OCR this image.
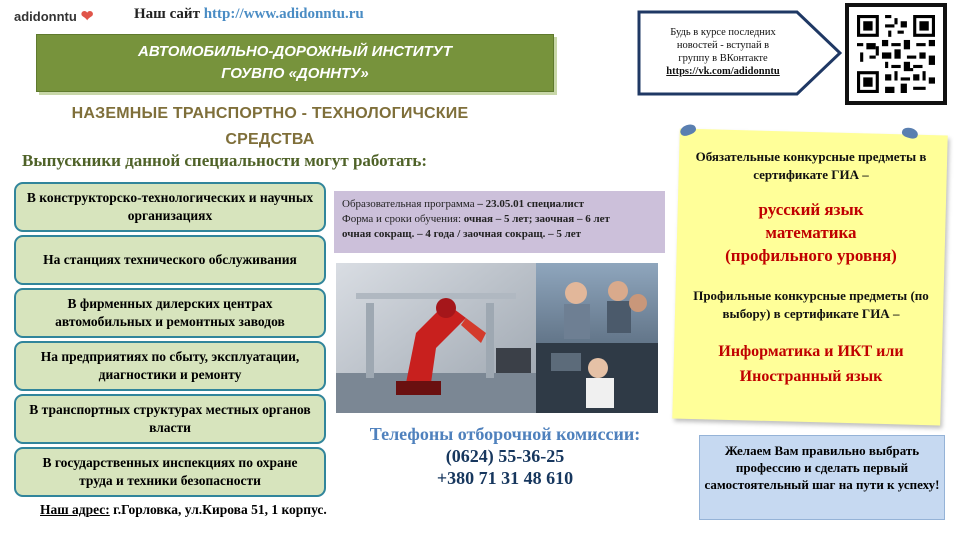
adidonntu ❤	Наш сайт http://www.adidonntu.ru
АВТОМОБИЛЬНО-ДОРОЖНЫЙ ИНСТИТУТ
ГОУВПО «ДОННТУ»
НАЗЕМНЫЕ ТРАНСПОРТНО - ТЕХНОЛОГИЧСКИЕ
СРЕДСТВА
Выпускники данной специальности могут работать:
В конструкторско-технологических и научных организациях
На станциях технического обслуживания
В фирменных дилерских центрах автомобильных и ремонтных заводов
На предприятиях по сбыту, эксплуатации, диагностики и ремонту
В транспортных структурах местных органов власти
В государственных инспекциях по охране труда и техники безопасности
Наш адрес: г.Горловка, ул.Кирова 51, 1 корпус.
Образовательная программа – 23.05.01 специалист
Форма и сроки обучения: очная – 5 лет; заочная – 6 лет
очная сокращ. – 4 года / заочная сокращ. – 5 лет
Телефоны отборочной комиссии:
(0624) 55-36-25
+380 71 31 48 610
Будь в курсе последних
новостей - вступай в
группу в ВКонтакте
https://vk.com/adidonntu
Обязательные конкурсные предметы в сертификате ГИА –
русский язык
математика
(профильного уровня)
Профильные конкурсные предметы (по выбору) в сертификате ГИА –
Информатика и ИКТ или
Иностранный язык
Желаем Вам правильно выбрать профессию и сделать первый самостоятельный шаг на пути к успеху!
